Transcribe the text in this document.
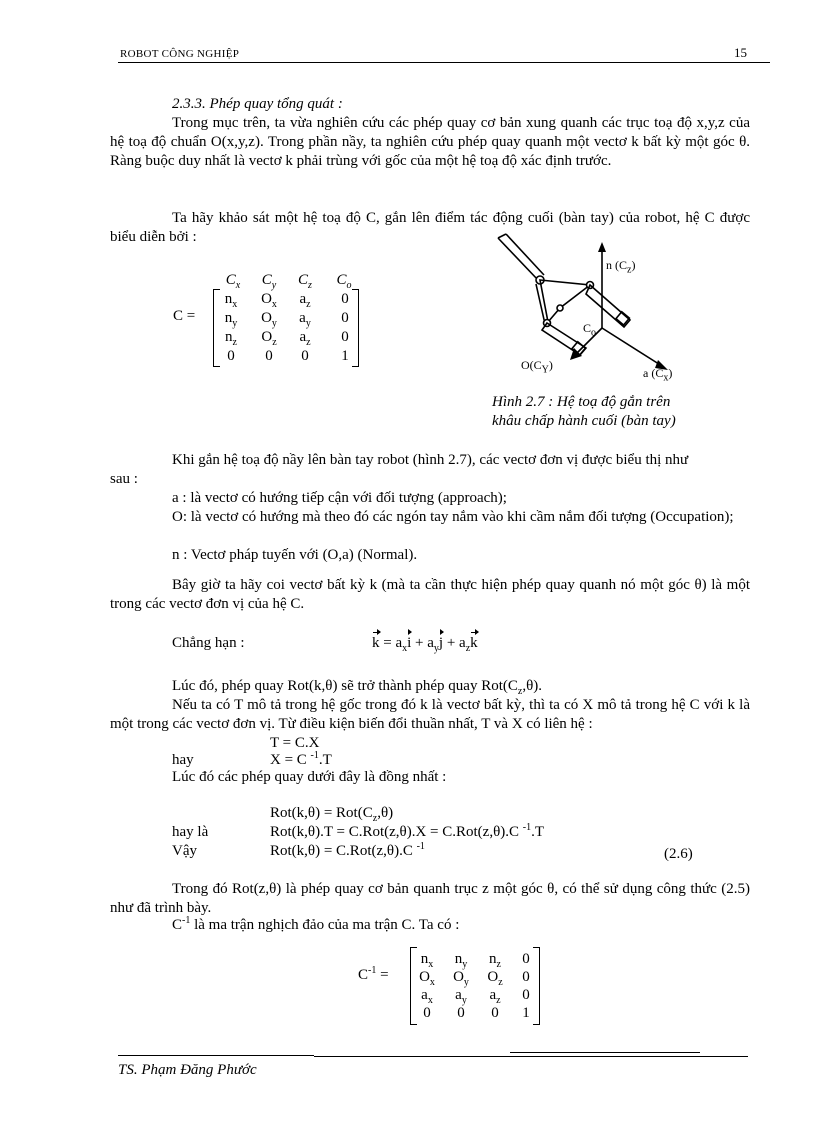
ROBOT CÔNG NGHIỆP	15
2.3.3. Phép quay tổng quát :
Trong mục trên, ta vừa nghiên cứu các phép quay cơ bản xung quanh các trục toạ độ x,y,z của hệ toạ độ chuẩn O(x,y,z). Trong phần nầy, ta nghiên cứu phép quay quanh một vectơ k bất kỳ một góc θ. Ràng buộc duy nhất là vectơ k phải trùng với gốc của một hệ toạ độ xác định trước.
Ta hãy khảo sát một hệ toạ độ C, gắn lên điểm tác động cuối (bàn tay) của robot, hệ C được biểu diễn bởi :
C =
$C_x$	$C_y$	$C_z$	$C_o$
$n_x$	$O_x$	$a_z$	0
$n_y$	$O_y$	$a_y$	0
$n_z$	$O_z$	$a_z$	0
0	0	0	1
n $(C_z)$
$C_o$
$O(C_Y)$
a $(C_x)$
Hình 2.7 : Hệ toạ độ gắn trên
khâu chấp hành cuối (bàn tay)
Khi gắn hệ toạ độ nầy lên bàn tay robot (hình 2.7), các vectơ đơn vị được biểu thị như
sau :
a : là vectơ có hướng tiếp cận với đối tượng (approach);
O: là vectơ có hướng mà theo đó các ngón tay nắm vào khi cầm nắm đối tượng (Occupation);
n : Vectơ pháp tuyến với (O,a) (Normal).
Bây giờ ta hãy coi vectơ bất kỳ k (mà ta cần thực hiện phép quay quanh nó một góc θ) là một trong các vectơ đơn vị của hệ C.
Chẳng hạn :	$k = a_xi + a_yj + a_zk$
Lúc đó, phép quay Rot(k,θ) sẽ trở thành phép quay $Rot(C_z,\theta)$.
Nếu ta có T mô tả trong hệ gốc trong đó k là vectơ bất kỳ, thì ta có X mô tả trong hệ C với k là một trong các vectơ đơn vị. Từ điều kiện biến đổi thuần nhất, T và X có liên hệ :
T = C.X
hay	X = C $^{-1}$.T
Lúc đó các phép quay dưới đây là đồng nhất :
$Rot(k,\theta) = Rot(C_z,\theta)$
hay là	Rot(k,θ).T = C.Rot(z,θ).X = C.Rot(z,θ).C $^{-1}$.T
Vậy	Rot(k,θ) = C.Rot(z,θ).C $^{-1}$	(2.6)
Trong đó Rot(z,θ) là phép quay cơ bản quanh trục z một góc θ, có thể sử dụng công thức (2.5) như đã trình bày.
$C^{-1}$ là ma trận nghịch đảo của ma trận C. Ta có :
$C^{-1}$ =
$n_x$	$n_y$	$n_z$	0
$O_x$	$O_y$	$O_z$	0
$a_x$	$a_y$	$a_z$	0
0	0	0	1
TS. Phạm Đăng Phước
